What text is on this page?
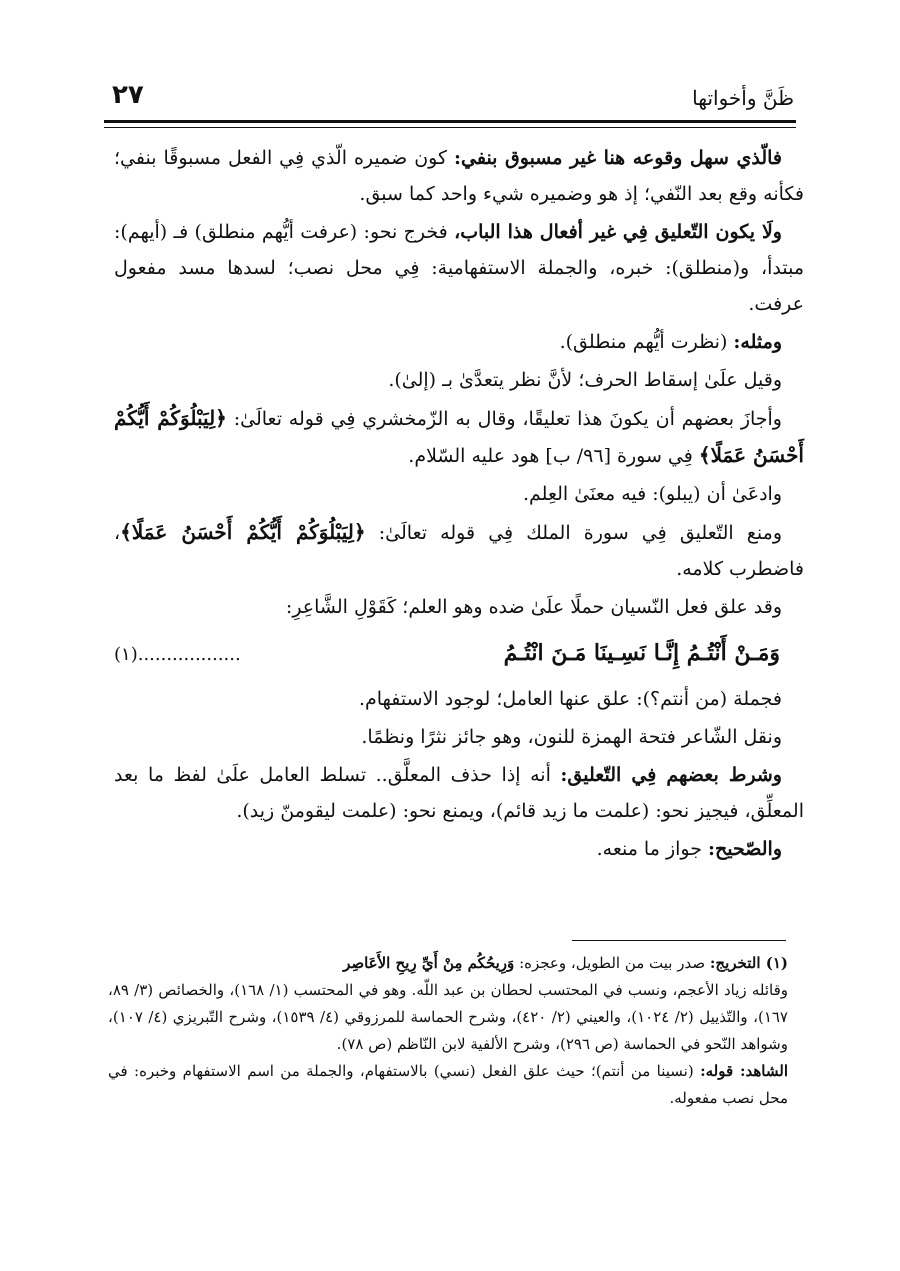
ظَنَّ وأخواتها
٢٧

فالّذي سهل وقوعه هنا غير مسبوق بنفي: كون ضميره الّذي فِي الفعل مسبوقًا بنفي؛ فكأنه وقع بعد النّفي؛ إذ هو وضميره شيء واحد كما سبق.

ولَا يكون التّعليق فِي غير أفعال هذا الباب، فخرج نحو: (عرفت أيُّهم منطلق) فـ (أيهم): مبتدأ، و(منطلق): خبره، والجملة الاستفهامية: فِي محل نصب؛ لسدها مسد مفعول عرفت.

ومثله: (نظرت أيُّهم منطلق).

وقيل علَىٰ إسقاط الحرف؛ لأنَّ نظر يتعدَّىٰ بـ (إلىٰ).

وأجازَ بعضهم أن يكونَ هذا تعليقًا، وقال به الزّمخشري فِي قوله تعالَىٰ: ﴿لِيَبْلُوَكُمْ أَيُّكُمْ أَحْسَنُ عَمَلًا﴾ فِي سورة [٩٦/ ب] هود عليه السّلام.

وادعَىٰ أن (يبلو): فيه معنَىٰ العِلم.

ومنع التّعليق فِي سورة الملك فِي قوله تعالَىٰ: ﴿لِيَبْلُوَكُمْ أَيُّكُمْ أَحْسَنُ عَمَلًا﴾، فاضطرب كلامه.

وقد علق فعل النّسيان حملًا علَىٰ ضده وهو العلم؛ كَقَوْلِ الشَّاعِرِ:

وَمَـنْ أَنْتُـمُ إِنَّـا نَسِـينَا مَـنَ انْتُـمُ
(١)..................

فجملة (من أنتم؟): علق عنها العامل؛ لوجود الاستفهام.

ونقل الشّاعر فتحة الهمزة للنون، وهو جائز نثرًا ونظمًا.

وشرط بعضهم فِي التّعليق: أنه إذا حذف المعلَّق.. تسلط العامل علَىٰ لفظ ما بعد المعلِّق، فيجيز نحو: (علمت ما زيد قائم)، ويمنع نحو: (علمت ليقومنّ زيد).

والصّحيح: جواز ما منعه.

(١) التخريج: صدر بيت من الطويل، وعجزه: وَرِيحُكُم مِنْ أَيِّ رِيحِ الأَعَاصِر

وقائله زياد الأعجم، ونسب في المحتسب لحطان بن عبد اللّه. وهو في المحتسب (١/ ١٦٨)، والخصائص (٣/ ٨٩، ١٦٧)، والتّذييل (٢/ ١٠٢٤)، والعيني (٢/ ٤٢٠)، وشرح الحماسة للمرزوقي (٤/ ١٥٣٩)، وشرح التّبريزي (٤/ ١٠٧)، وشواهد النّحو في الحماسة (ص ٢٩٦)، وشرح الألفية لابن النّاظم (ص ٧٨).

الشاهد: قوله: (نسينا من أنتم)؛ حيث علق الفعل (نسي) بالاستفهام، والجملة من اسم الاستفهام وخبره: في محل نصب مفعوله.
